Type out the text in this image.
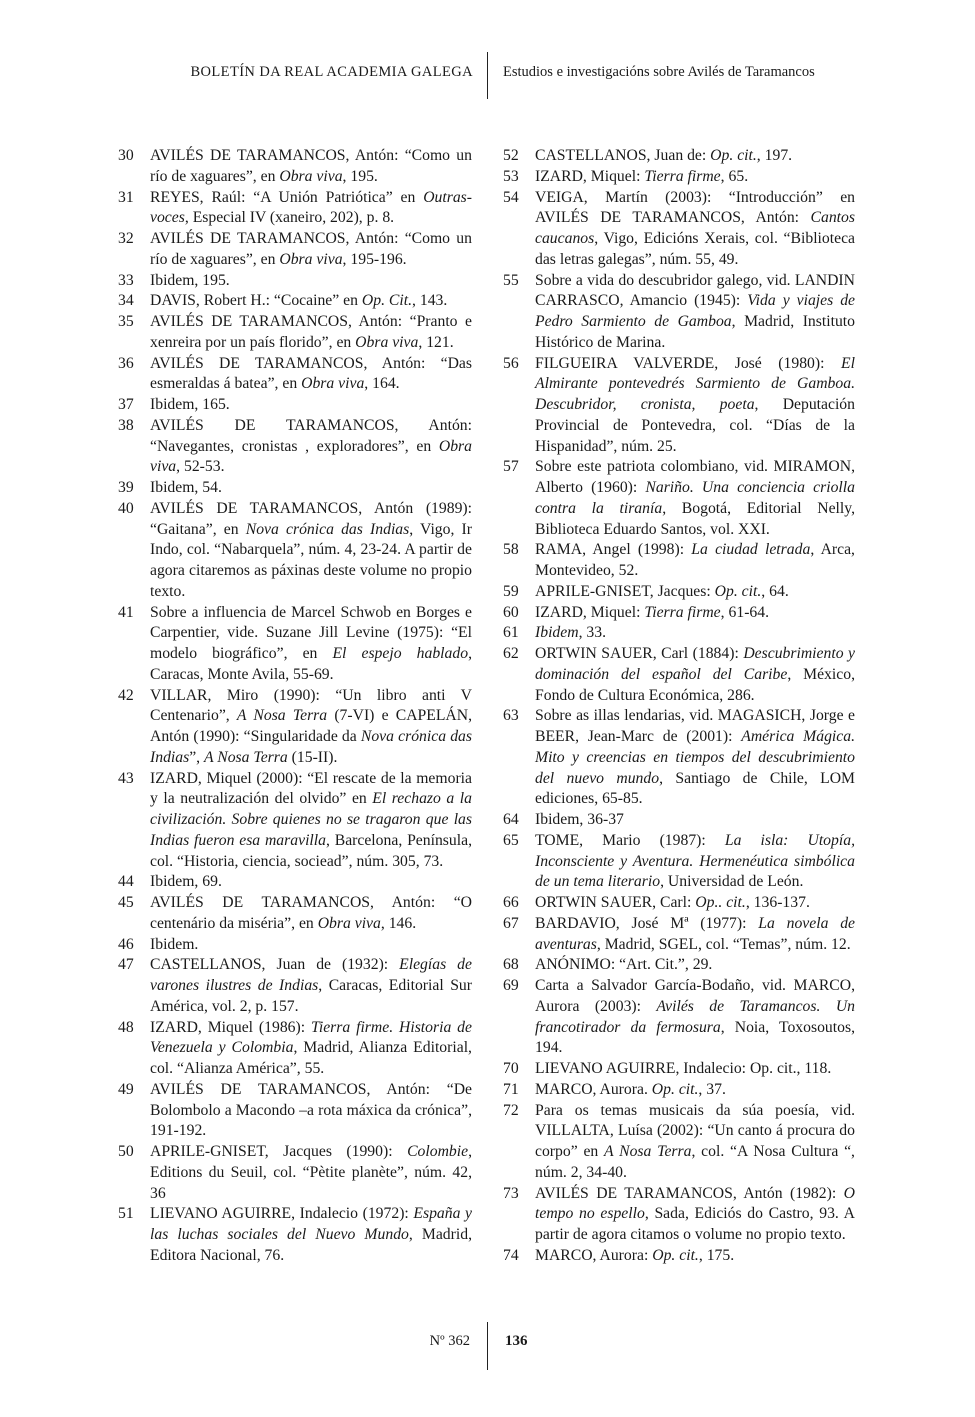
BOLETÍN DA REAL ACADEMIA GALEGA Estudios e investigacións sobre Avilés de Taramancos
30 AVILÉS DE TARAMANCOS, Antón: “Como un río de xaguares”, en Obra viva, 195.
31 REYES, Raúl: “A Unión Patriótica” en Outras-voces, Especial IV (xaneiro, 202), p. 8.
32 AVILÉS DE TARAMANCOS, Antón: “Como un río de xaguares”, en Obra viva, 195-196.
33 Ibidem, 195.
34 DAVIS, Robert H.: “Cocaine” en Op. Cit., 143.
35 AVILÉS DE TARAMANCOS, Antón: “Pranto e xenreira por un país florido”, en Obra viva, 121.
36 AVILÉS DE TARAMANCOS, Antón: “Das esmeraldas á batea”, en Obra viva, 164.
37 Ibidem, 165.
38 AVILÉS DE TARAMANCOS, Antón: “Navegantes, cronistas , exploradores”, en Obra viva, 52-53.
39 Ibidem, 54.
40 AVILÉS DE TARAMANCOS, Antón (1989): “Gaitana”, en Nova crónica das Indias, Vigo, Ir Indo, col. “Nabarquela”, núm. 4, 23-24. A partir de agora citaremos as páxinas deste volume no propio texto.
41 Sobre a influencia de Marcel Schwob en Borges e Carpentier, vide. Suzane Jill Levine (1975): “El modelo biográfico”, en El espejo hablado, Caracas, Monte Avila, 55-69.
42 VILLAR, Miro (1990): “Un libro anti V Centenario”, A Nosa Terra (7-VI) e CAPELÁN, Antón (1990): “Singularidade da Nova crónica das Indias”, A Nosa Terra (15-II).
43 IZARD, Miquel (2000): “El rescate de la memoria y la neutralización del olvido” en El rechazo a la civilización. Sobre quienes no se tragaron que las Indias fueron esa maravilla, Barcelona, Península, col. “Historia, ciencia, sociead”, núm. 305, 73.
44 Ibidem, 69.
45 AVILÉS DE TARAMANCOS, Antón: “O centenário da miséria”, en Obra viva, 146.
46 Ibidem.
47 CASTELLANOS, Juan de (1932): Elegías de varones ilustres de Indias, Caracas, Editorial Sur América, vol. 2, p. 157.
48 IZARD, Miquel (1986): Tierra firme. Historia de Venezuela y Colombia, Madrid, Alianza Editorial, col. “Alianza América”, 55.
49 AVILÉS DE TARAMANCOS, Antón: “De Bolombolo a Macondo –a rota máxica da crónica”, 191-192.
50 APRILE-GNISET, Jacques (1990): Colombie, Editions du Seuil, col. “Pètite planète”, núm. 42, 36
51 LIEVANO AGUIRRE, Indalecio (1972): España y las luchas sociales del Nuevo Mundo, Madrid, Editora Nacional, 76.
52 CASTELLANOS, Juan de: Op. cit., 197.
53 IZARD, Miquel: Tierra firme, 65.
54 VEIGA, Martín (2003): “Introducción” en AVILÉS DE TARAMANCOS, Antón: Cantos caucanos, Vigo, Edicións Xerais, col. “Biblioteca das letras galegas”, núm. 55, 49.
55 Sobre a vida do descubridor galego, vid. LANDIN CARRASCO, Amancio (1945): Vida y viajes de Pedro Sarmiento de Gamboa, Madrid, Instituto Histórico de Marina.
56 FILGUEIRA VALVERDE, José (1980): El Almirante pontevedrés Sarmiento de Gamboa. Descubridor, cronista, poeta, Deputación Provincial de Pontevedra, col. “Días de la Hispanidad”, núm. 25.
57 Sobre este patriota colombiano, vid. MIRAMON, Alberto (1960): Nariño. Una conciencia criolla contra la tiranía, Bogotá, Editorial Nelly, Biblioteca Eduardo Santos, vol. XXI.
58 RAMA, Angel (1998): La ciudad letrada, Arca, Montevideo, 52.
59 APRILE-GNISET, Jacques: Op. cit., 64.
60 IZARD, Miquel: Tierra firme, 61-64.
61 Ibidem, 33.
62 ORTWIN SAUER, Carl (1884): Descubrimiento y dominación del español del Caribe, México, Fondo de Cultura Económica, 286.
63 Sobre as illas lendarias, vid. MAGASICH, Jorge e BEER, Jean-Marc de (2001): América Mágica. Mito y creencias en tiempos del descubrimiento del nuevo mundo, Santiago de Chile, LOM ediciones, 65-85.
64 Ibidem, 36-37
65 TOME, Mario (1987): La isla: Utopía, Inconsciente y Aventura. Hermenéutica simbólica de un tema literario, Universidad de León.
66 ORTWIN SAUER, Carl: Op.. cit., 136-137.
67 BARDAVIO, José Mª (1977): La novela de aventuras, Madrid, SGEL, col. “Temas”, núm. 12.
68 ANÓNIMO: “Art. Cit.”, 29.
69 Carta a Salvador García-Bodaño, vid. MARCO, Aurora (2003): Avilés de Taramancos. Un francotirador da fermosura, Noia, Toxosoutos, 194.
70 LIEVANO AGUIRRE, Indalecio: Op. cit., 118.
71 MARCO, Aurora. Op. cit., 37.
72 Para os temas musicais da súa poesía, vid. VILLALTA, Luísa (2002): “Un canto á procura do corpo” en A Nosa Terra, col. “A Nosa Cultura “, núm. 2, 34-40.
73 AVILÉS DE TARAMANCOS, Antón (1982): O tempo no espello, Sada, Ediciós do Castro, 93. A partir de agora citamos o volume no propio texto.
74 MARCO, Aurora: Op. cit., 175.
Nº 362 136
